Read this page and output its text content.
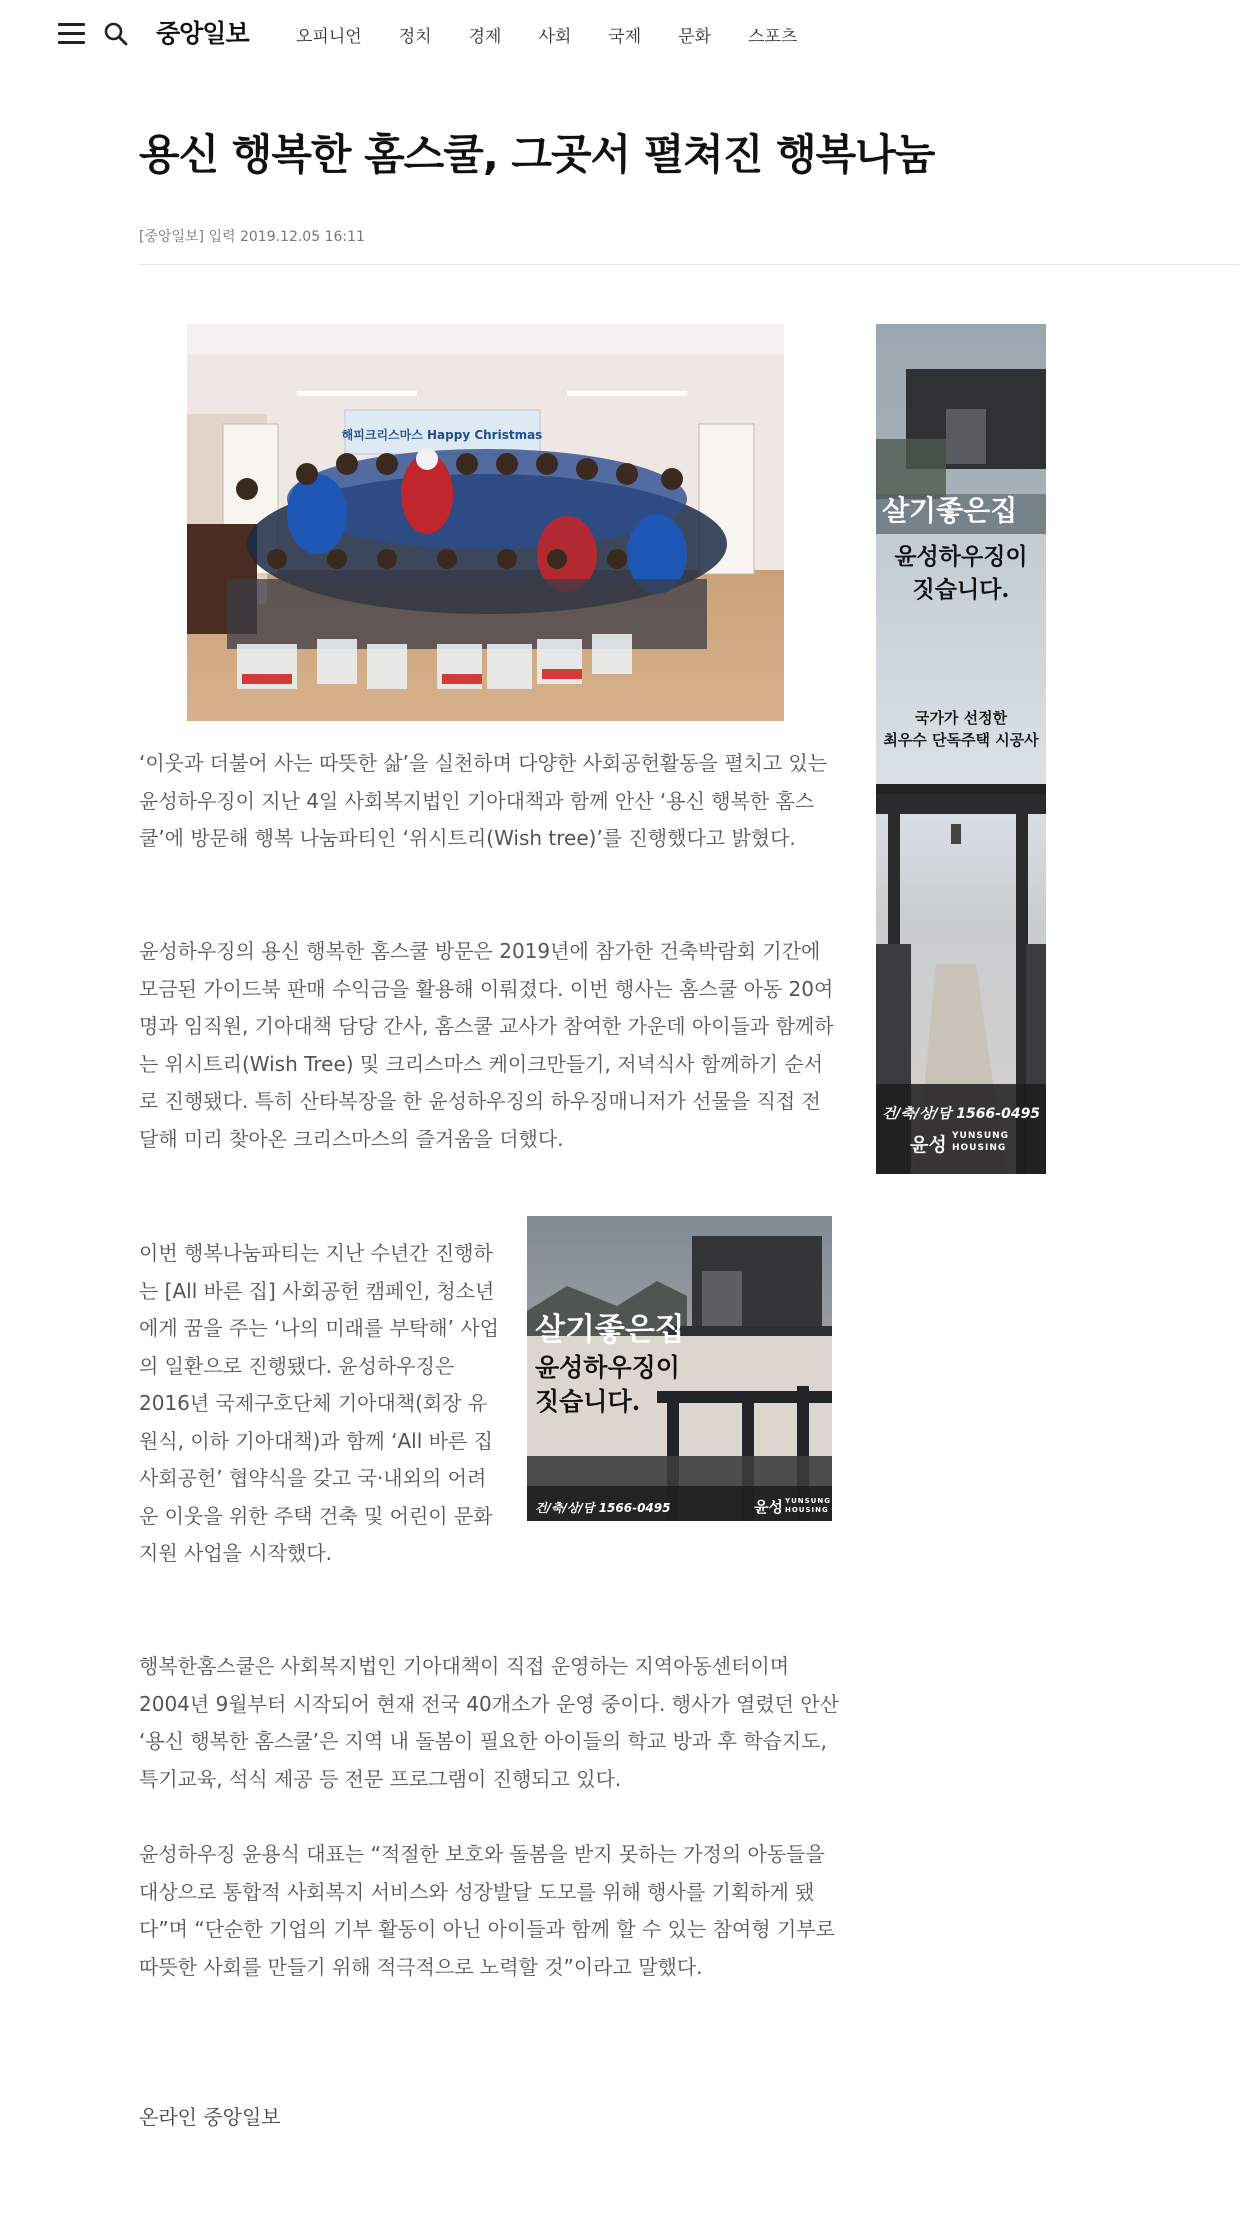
중앙일보	오피니언 정치 경제 사회 국제 문화 스포츠
용신 행복한 홈스쿨, 그곳서 펼쳐진 행복나눔
[중앙일보] 입력 2019.12.05 16:11
해피크리스마스 Happy Christmas

‘이웃과 더불어 사는 따뜻한 삶’을 실천하며 다양한 사회공헌활동을 펼치고 있는 윤성하우징이 지난 4일 사회복지법인 기아대책과 함께 안산 ‘용신 행복한 홈스쿨’에 방문해 행복 나눔파티인 ‘위시트리(Wish tree)’를 진행했다고 밝혔다.

윤성하우징의 용신 행복한 홈스쿨 방문은 2019년에 참가한 건축박람회 기간에 모금된 가이드북 판매 수익금을 활용해 이뤄졌다. 이번 행사는 홈스쿨 아동 20여 명과 임직원, 기아대책 담당 간사, 홈스쿨 교사가 참여한 가운데 아이들과 함께하는 위시트리(Wish Tree) 및 크리스마스 케이크만들기, 저녁식사 함께하기 순서로 진행됐다. 특히 산타복장을 한 윤성하우징의 하우징매니저가 선물을 직접 전달해 미리 찾아온 크리스마스의 즐거움을 더했다.

이번 행복나눔파티는 지난 수년간 진행하는 [All 바른 집] 사회공헌 캠페인, 청소년에게 꿈을 주는 ‘나의 미래를 부탁해’ 사업의 일환으로 진행됐다. 윤성하우징은 2016년 국제구호단체 기아대책(회장 유원식, 이하 기아대책)과 함께 ‘All 바른 집 사회공헌’ 협약식을 갖고 국·내외의 어려운 이웃을 위한 주택 건축 및 어린이 문화 지원 사업을 시작했다.

살기좋은집
윤성하우징이
짓습니다.
건/축/상/담 1566-0495	윤성 YUNSUNG
HOUSING

행복한홈스쿨은 사회복지법인 기아대책이 직접 운영하는 지역아동센터이며 2004년 9월부터 시작되어 현재 전국 40개소가 운영 중이다. 행사가 열렸던 안산 ‘용신 행복한 홈스쿨’은 지역 내 돌봄이 필요한 아이들의 학교 방과 후 학습지도, 특기교육, 석식 제공 등 전문 프로그램이 진행되고 있다.

윤성하우징 윤용식 대표는 “적절한 보호와 돌봄을 받지 못하는 가정의 아동들을 대상으로 통합적 사회복지 서비스와 성장발달 도모를 위해 행사를 기획하게 됐다”며 “단순한 기업의 기부 활동이 아닌 아이들과 함께 할 수 있는 참여형 기부로 따뜻한 사회를 만들기 위해 적극적으로 노력할 것”이라고 말했다.

온라인 중앙일보

살기좋은집
윤성하우징이
짓습니다.
국가가 선정한
최우수 단독주택 시공사
건/축/상/담 1566-0495
윤성 YUNSUNG
HOUSING
